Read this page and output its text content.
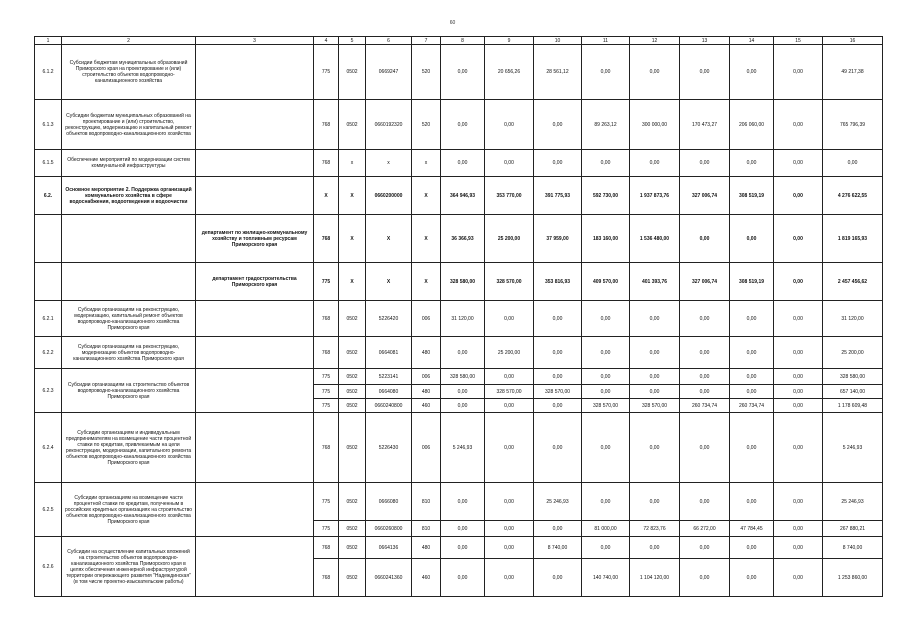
60
1	2	3	4	5	6	7	8	9	10	11	12	13	14	15	16
6.1.2	Субсидии бюджетам муниципальных образований Приморского края на проектирование и (или) строительство объектов водопроводно-канализационного хозяйства		775	0502	0669247	520	0,00	20 656,26	28 561,12	0,00	0,00	0,00	0,00	0,00	49 217,38
6.1.3	Субсидии бюджетам муниципальных образований на проектирование и (или) строительство, реконструкцию, модернизацию и капитальный ремонт объектов водопроводно-канализационного хозяйства		768	0502	0660192320	520	0,00	0,00	0,00	89 263,12	300 000,00	170 473,27	206 060,00	0,00	765 796,39
6.1.5	Обеспечение мероприятий по модернизации систем коммунальной инфраструктуры		768	x	x	x	0,00	0,00	0,00	0,00	0,00	0,00	0,00	0,00	0,00
6.2.	Основное мероприятие 2. Поддержка организаций коммунального хозяйства в сфере водоснабжения, водоотведения и водоочистки		X	X	0660200000	X	364 946,93	353 770,00	391 775,93	592 730,00	1 937 873,76	327 006,74	308 519,19	0,00	4 276 622,55
		департамент по жилищно-коммунальному хозяйству и топливным ресурсам Приморского края	768	X	X	X	36 366,93	25 200,00	37 959,00	183 160,00	1 536 480,00	0,00	0,00	0,00	1 819 165,93
		департамент градостроительства Приморского края	775	X	X	X	328 580,00	328 570,00	353 816,93	409 570,00	401 393,76	327 006,74	308 519,19	0,00	2 457 456,62
6.2.1	Субсидии организациям на реконструкцию, модернизацию, капитальный ремонт объектов водопроводно-канализационного хозяйства Приморского края		768	0502	5226420	006	31 120,00	0,00	0,00	0,00	0,00	0,00	0,00	0,00	31 120,00
6.2.2	Субсидии организациям на реконструкцию, модернизацию объектов водопроводно-канализационного хозяйства Приморского края		768	0502	0664081	480	0,00	25 200,00	0,00	0,00	0,00	0,00	0,00	0,00	25 200,00
6.2.3	Субсидии организациям на строительство объектов водопроводно-канализационного хозяйства Приморского края		775	0502	5223141	006	328 580,00	0,00	0,00	0,00	0,00	0,00	0,00	0,00	328 580,00
			775	0502	0664080	480	0,00	328 570,00	328 570,00	0,00	0,00	0,00	0,00	0,00	657 140,00
			775	0502	0660240800	460	0,00	0,00	0,00	328 570,00	328 570,00	260 734,74	260 734,74	0,00	1 178 609,48
6.2.4	Субсидии организациям и индивидуальным предпринимателям на возмещение части процентной ставки по кредитам, привлекаемым на цели реконструкции, модернизации, капитального ремонта объектов водопроводно-канализационного хозяйства Приморского края		768	0502	5226430	006	5 246,93	0,00	0,00	0,00	0,00	0,00	0,00	0,00	5 246,93
6.2.5	Субсидии организациям на возмещение части процентной ставки по кредитам, полученным в российских кредитных организациях на строительство объектов водопроводно-канализационного хозяйства Приморского края		775	0502	0666080	810	0,00	0,00	25 246,93	0,00	0,00	0,00	0,00	0,00	25 246,93
			775	0502	0660260800	810	0,00	0,00	0,00	81 000,00	72 823,76	66 272,00	47 784,45	0,00	267 880,21
6.2.6	Субсидии на осуществление капитальных вложений на строительство объектов водопроводно-канализационного хозяйства Приморского края в целях обеспечения инженерной инфраструктурой территории опережающего развития "Надеждинская" (в том числе проектно-изыскательские работы)		768	0502	0664136	480	0,00	0,00	8 740,00	0,00	0,00	0,00	0,00	0,00	8 740,00
			768	0502	0660241360	460	0,00	0,00	0,00	140 740,00	1 104 120,00	0,00	0,00	0,00	1 253 860,00
